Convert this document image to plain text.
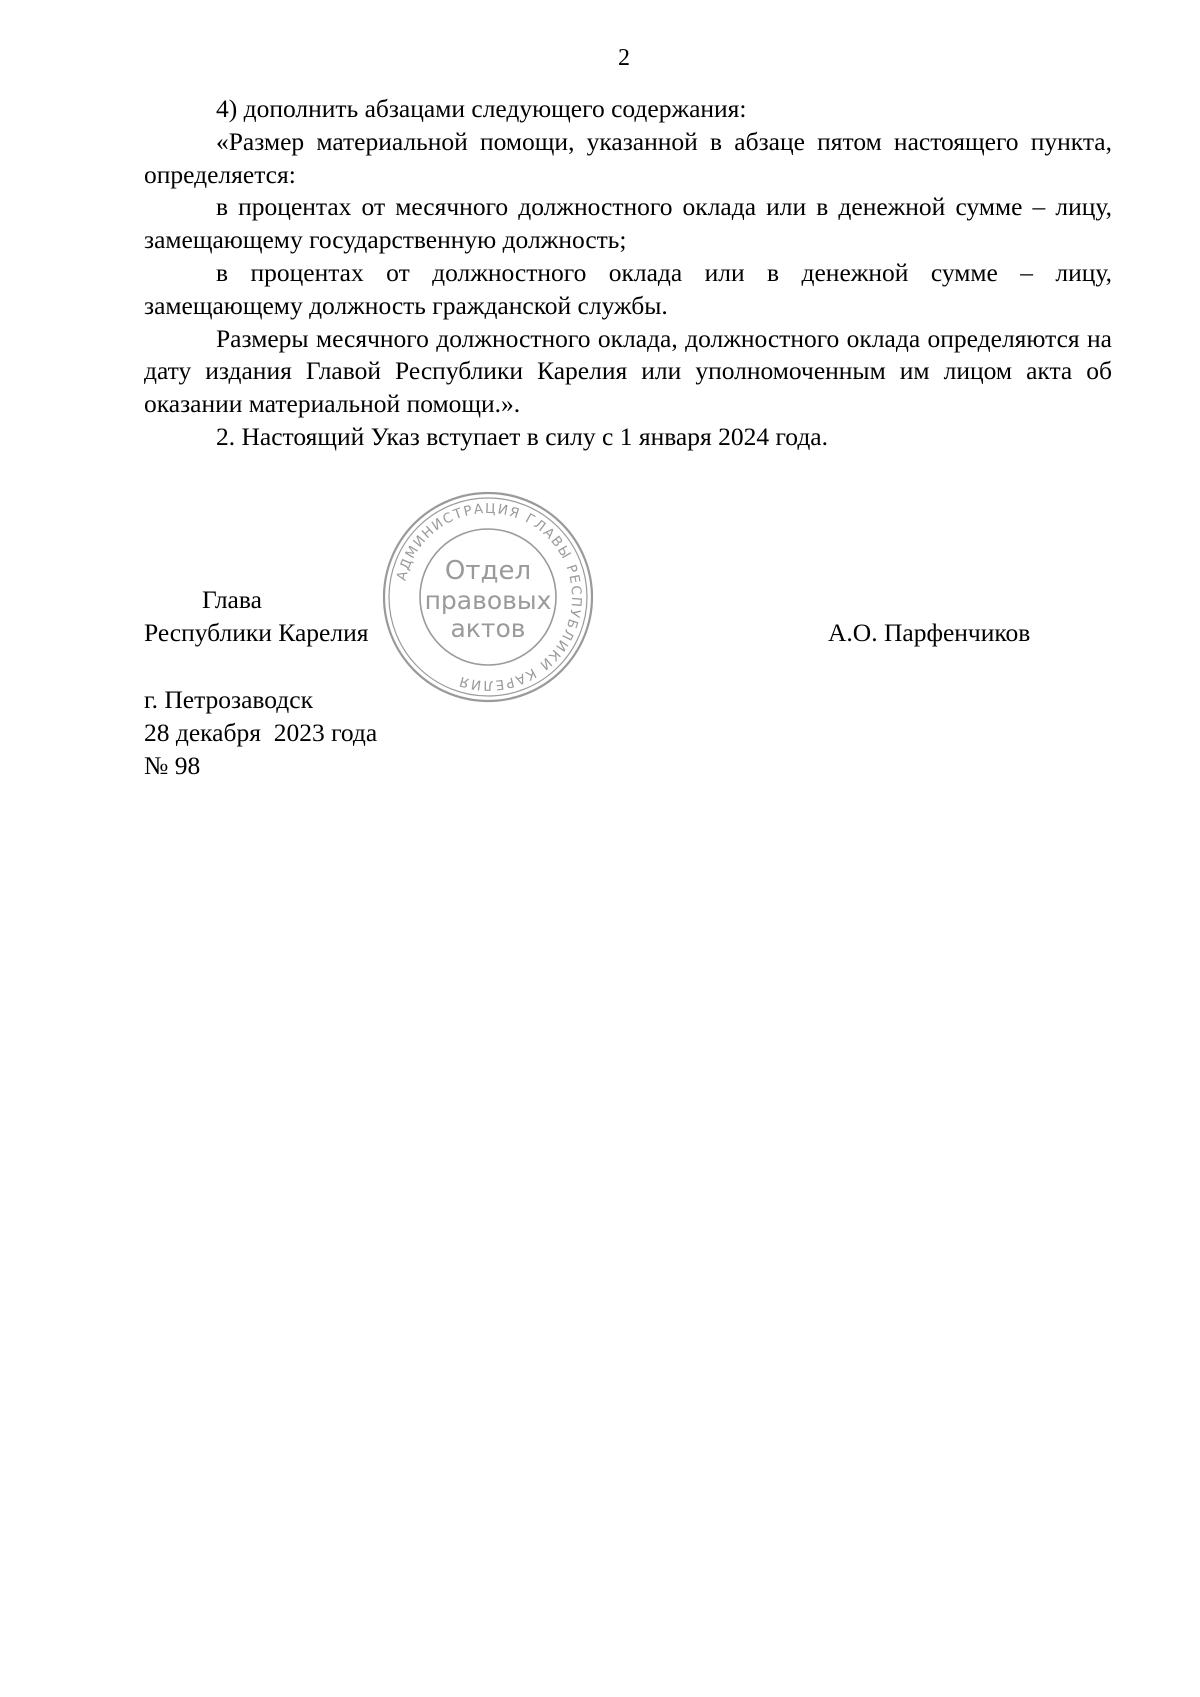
2

4) дополнить абзацами следующего содержания:

«Размер материальной помощи, указанной в абзаце пятом настоящего пункта, определяется:

в процентах от месячного должностного оклада или в денежной сумме – лицу, замещающему государственную должность;

в процентах от должностного оклада или в денежной сумме – лицу, замещающему должность гражданской службы.

Размеры месячного должностного оклада, должностного оклада определяются на дату издания Главой Республики Карелия или уполномоченным им лицом акта об оказании материальной помощи.».

2. Настоящий Указ вступает в силу с 1 января 2024 года.

Глава
Республики Карелия	А.О. Парфенчиков
АДМИНИСТРАЦИЯ ГЛАВЫ РЕСПУБЛИКИ КАРЕЛИЯ
Отдел
правовых
актов
г. Петрозаводск
28 декабря  2023 года
№ 98
